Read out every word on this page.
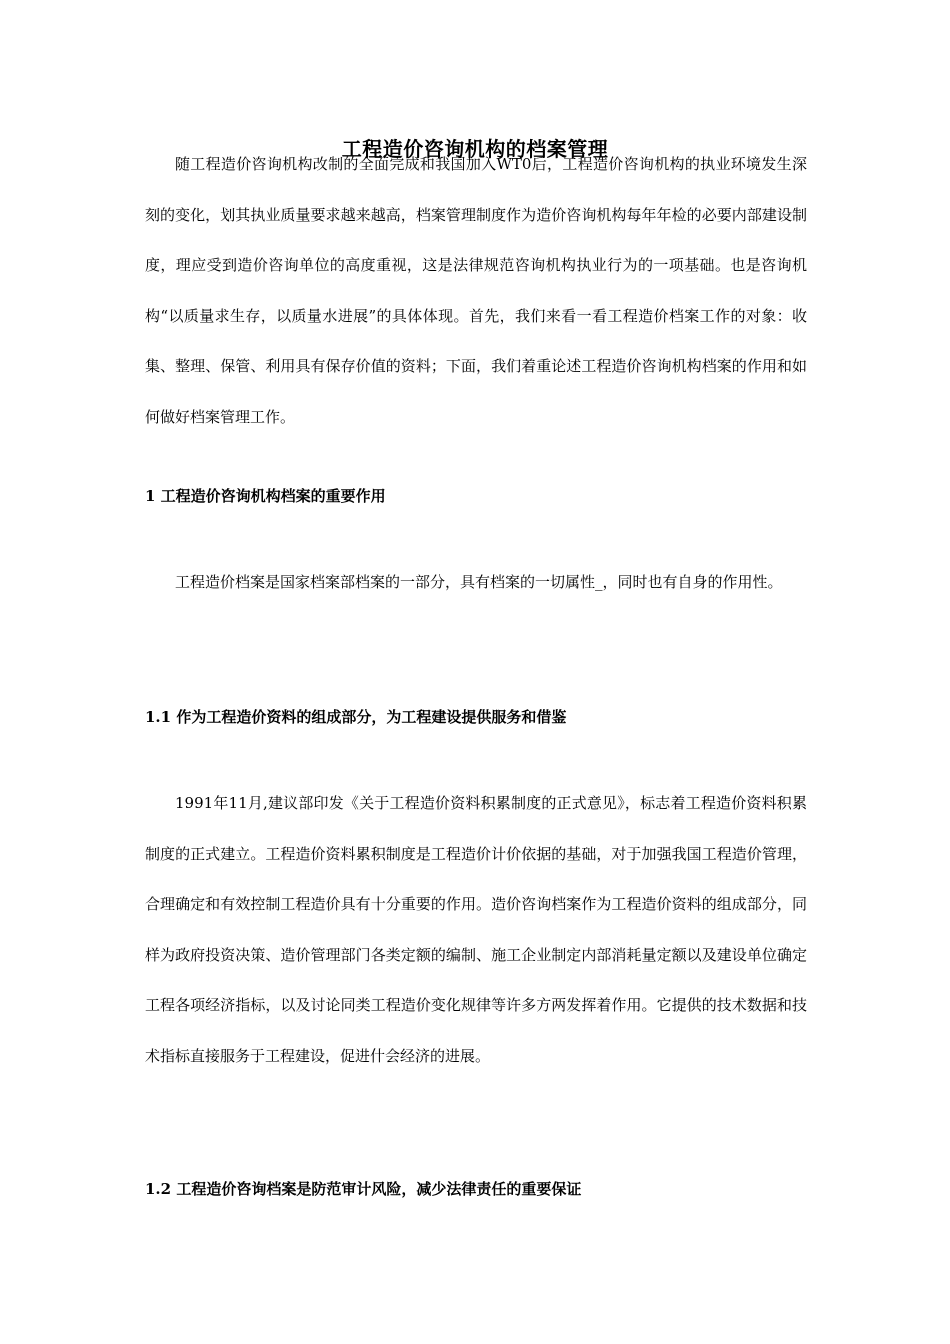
工程造价咨询机构的档案管理

随工程造价咨询机构改制的全面完成和我国加入WT0后，工程造价咨询机构的执业环境发生深刻的变化，划其执业质量要求越来越高，档案管理制度作为造价咨询机构每年年检的必要内部建设制度，理应受到造价咨询单位的高度重视，这是法律规范咨询机构执业行为的一项基础。也是咨询机构“以质量求生存，以质量水进展”的具体体现。首先，我们来看一看工程造价档案工作的对象：收集、整理、保管、利用具有保存价值的资料；下面，我们着重论述工程造价咨询机构档案的作用和如何做好档案管理工作。

1 工程造价咨询机构档案的重要作用

工程造价档案是国家档案部档案的一部分，具有档案的一切属性_，同时也有自身的作用性。

1.1 作为工程造价资料的组成部分，为工程建设提供服务和借鉴

1991年11月,建议部印发《关于工程造价资料积累制度的正式意见》，标志着工程造价资料积累制度的正式建立。工程造价资料累积制度是工程造价计价依据的基础，对于加强我国工程造价管理，合理确定和有效控制工程造价具有十分重要的作用。造价咨询档案作为工程造价资料的组成部分，同样为政府投资决策、造价管理部门各类定额的编制、施工企业制定内部消耗量定额以及建设单位确定工程各项经济指标，以及讨论同类工程造价变化规律等许多方两发挥着作用。它提供的技术数据和技术指标直接服务于工程建设，促进什会经济的进展。

1.2 工程造价咨询档案是防范审计风险，减少法律责任的重要保证
